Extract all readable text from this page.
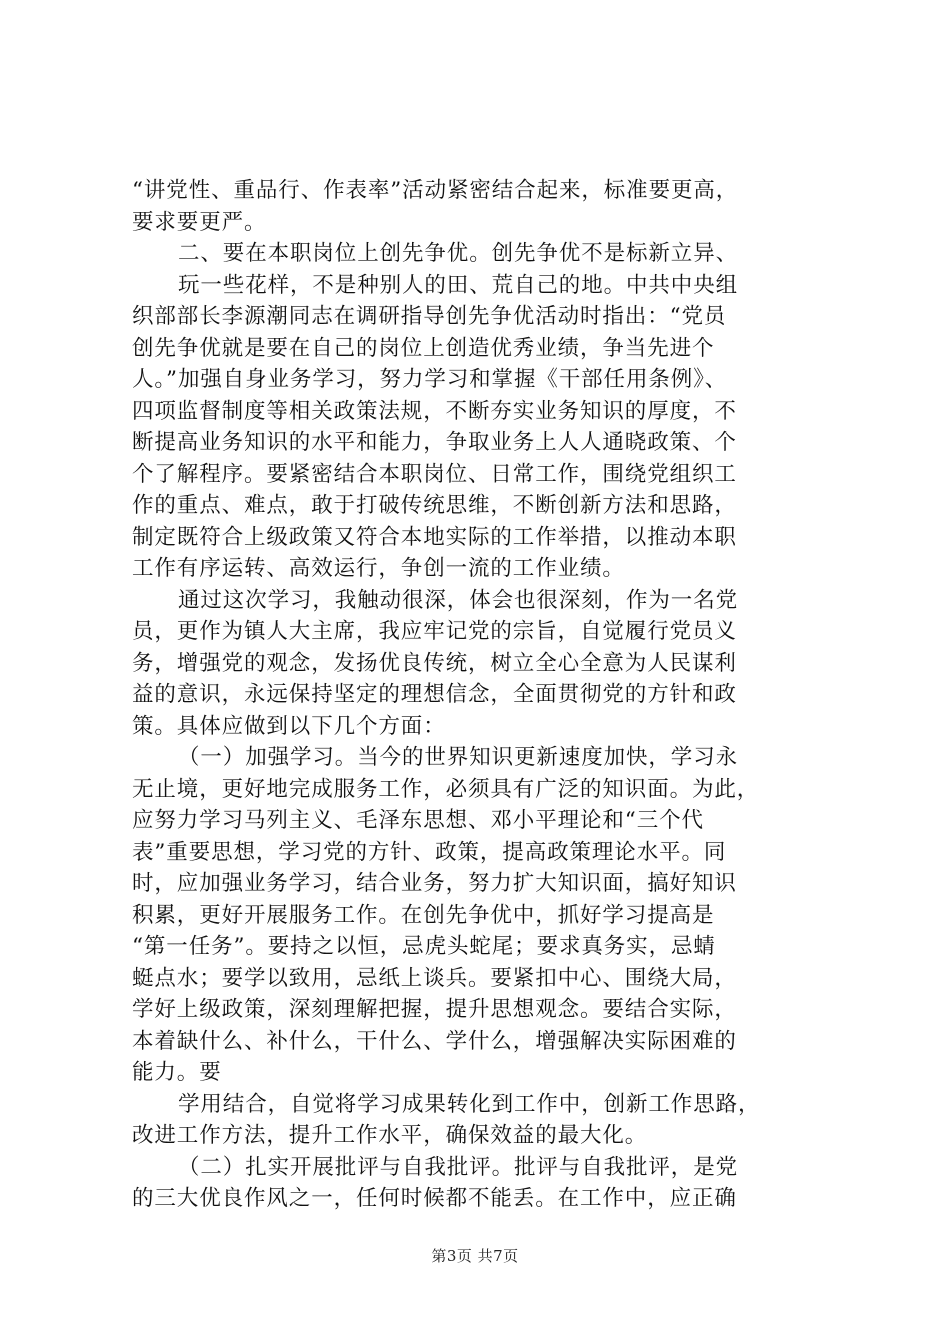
“讲党性、重品行、作表率”活动紧密结合起来，标准要更高，
要求要更严。
二、要在本职岗位上创先争优。创先争优不是标新立异、
玩一些花样，不是种别人的田、荒自己的地。中共中央组
织部部长李源潮同志在调研指导创先争优活动时指出：“党员
创先争优就是要在自己的岗位上创造优秀业绩，争当先进个
人。”加强自身业务学习，努力学习和掌握《干部任用条例》、
四项监督制度等相关政策法规，不断夯实业务知识的厚度，不
断提高业务知识的水平和能力，争取业务上人人通晓政策、个
个了解程序。要紧密结合本职岗位、日常工作，围绕党组织工
作的重点、难点，敢于打破传统思维，不断创新方法和思路，
制定既符合上级政策又符合本地实际的工作举措，以推动本职
工作有序运转、高效运行，争创一流的工作业绩。
通过这次学习，我触动很深，体会也很深刻，作为一名党
员，更作为镇人大主席，我应牢记党的宗旨，自觉履行党员义
务，增强党的观念，发扬优良传统，树立全心全意为人民谋利
益的意识，永远保持坚定的理想信念，全面贯彻党的方针和政
策。具体应做到以下几个方面：
（一）加强学习。当今的世界知识更新速度加快，学习永
无止境，更好地完成服务工作，必须具有广泛的知识面。为此，
应努力学习马列主义、毛泽东思想、邓小平理论和“三个代
表”重要思想，学习党的方针、政策，提高政策理论水平。同
时，应加强业务学习，结合业务，努力扩大知识面，搞好知识
积累，更好开展服务工作。在创先争优中，抓好学习提高是
“第一任务”。要持之以恒，忌虎头蛇尾；要求真务实，忌蜻
蜓点水；要学以致用，忌纸上谈兵。要紧扣中心、围绕大局，
学好上级政策，深刻理解把握，提升思想观念。要结合实际，
本着缺什么、补什么，干什么、学什么，增强解决实际困难的
能力。要
学用结合，自觉将学习成果转化到工作中，创新工作思路，
改进工作方法，提升工作水平，确保效益的最大化。
（二）扎实开展批评与自我批评。批评与自我批评，是党
的三大优良作风之一，任何时候都不能丢。在工作中，应正确
第3页 共7页
